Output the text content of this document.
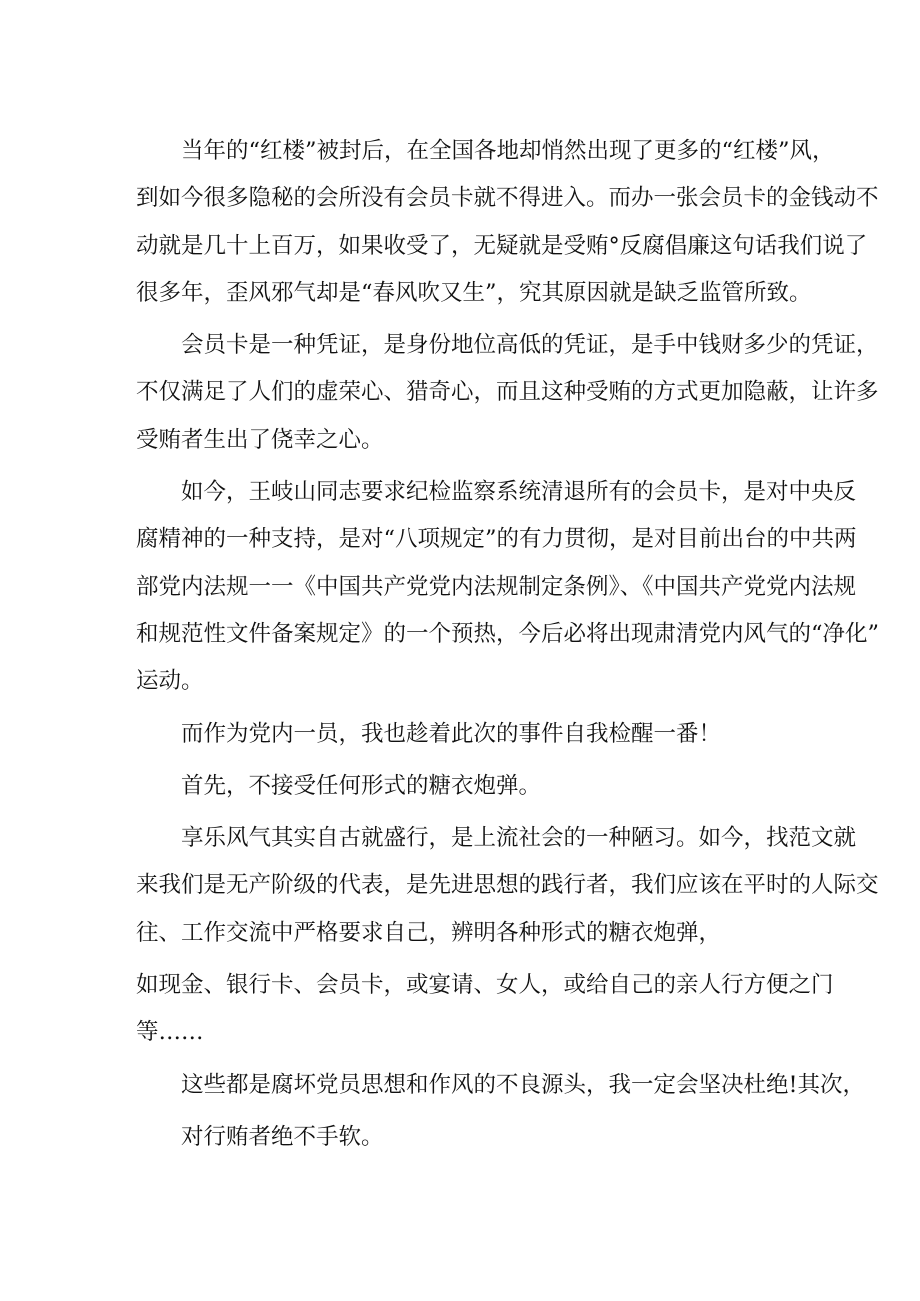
当年的“红楼”被封后，在全国各地却悄然出现了更多的“红楼”风，
到如今很多隐秘的会所没有会员卡就不得进入。而办一张会员卡的金钱动不
动就是几十上百万，如果收受了，无疑就是受贿°反腐倡廉这句话我们说了
很多年，歪风邪气却是“春风吹又生”，究其原因就是缺乏监管所致。

会员卡是一种凭证，是身份地位高低的凭证，是手中钱财多少的凭证，
不仅满足了人们的虚荣心、猎奇心，而且这种受贿的方式更加隐蔽，让许多
受贿者生出了侥幸之心。

如今，王岐山同志要求纪检监察系统清退所有的会员卡，是对中央反
腐精神的一种支持，是对“八项规定”的有力贯彻，是对目前出台的中共两
部党内法规一一《中国共产党党内法规制定条例》、《中国共产党党内法规
和规范性文件备案规定》的一个预热，今后必将出现肃清党内风气的“净化”
运动。

而作为党内一员，我也趁着此次的事件自我检醒一番！

首先，不接受任何形式的糖衣炮弹。

享乐风气其实自古就盛行，是上流社会的一种陋习。如今，找范文就
来我们是无产阶级的代表，是先进思想的践行者，我们应该在平时的人际交
往、工作交流中严格要求自己，辨明各种形式的糖衣炮弹，

如现金、银行卡、会员卡，或宴请、女人，或给自己的亲人行方便之门
等……

这些都是腐坏党员思想和作风的不良源头，我一定会坚决杜绝!其次，

对行贿者绝不手软。
